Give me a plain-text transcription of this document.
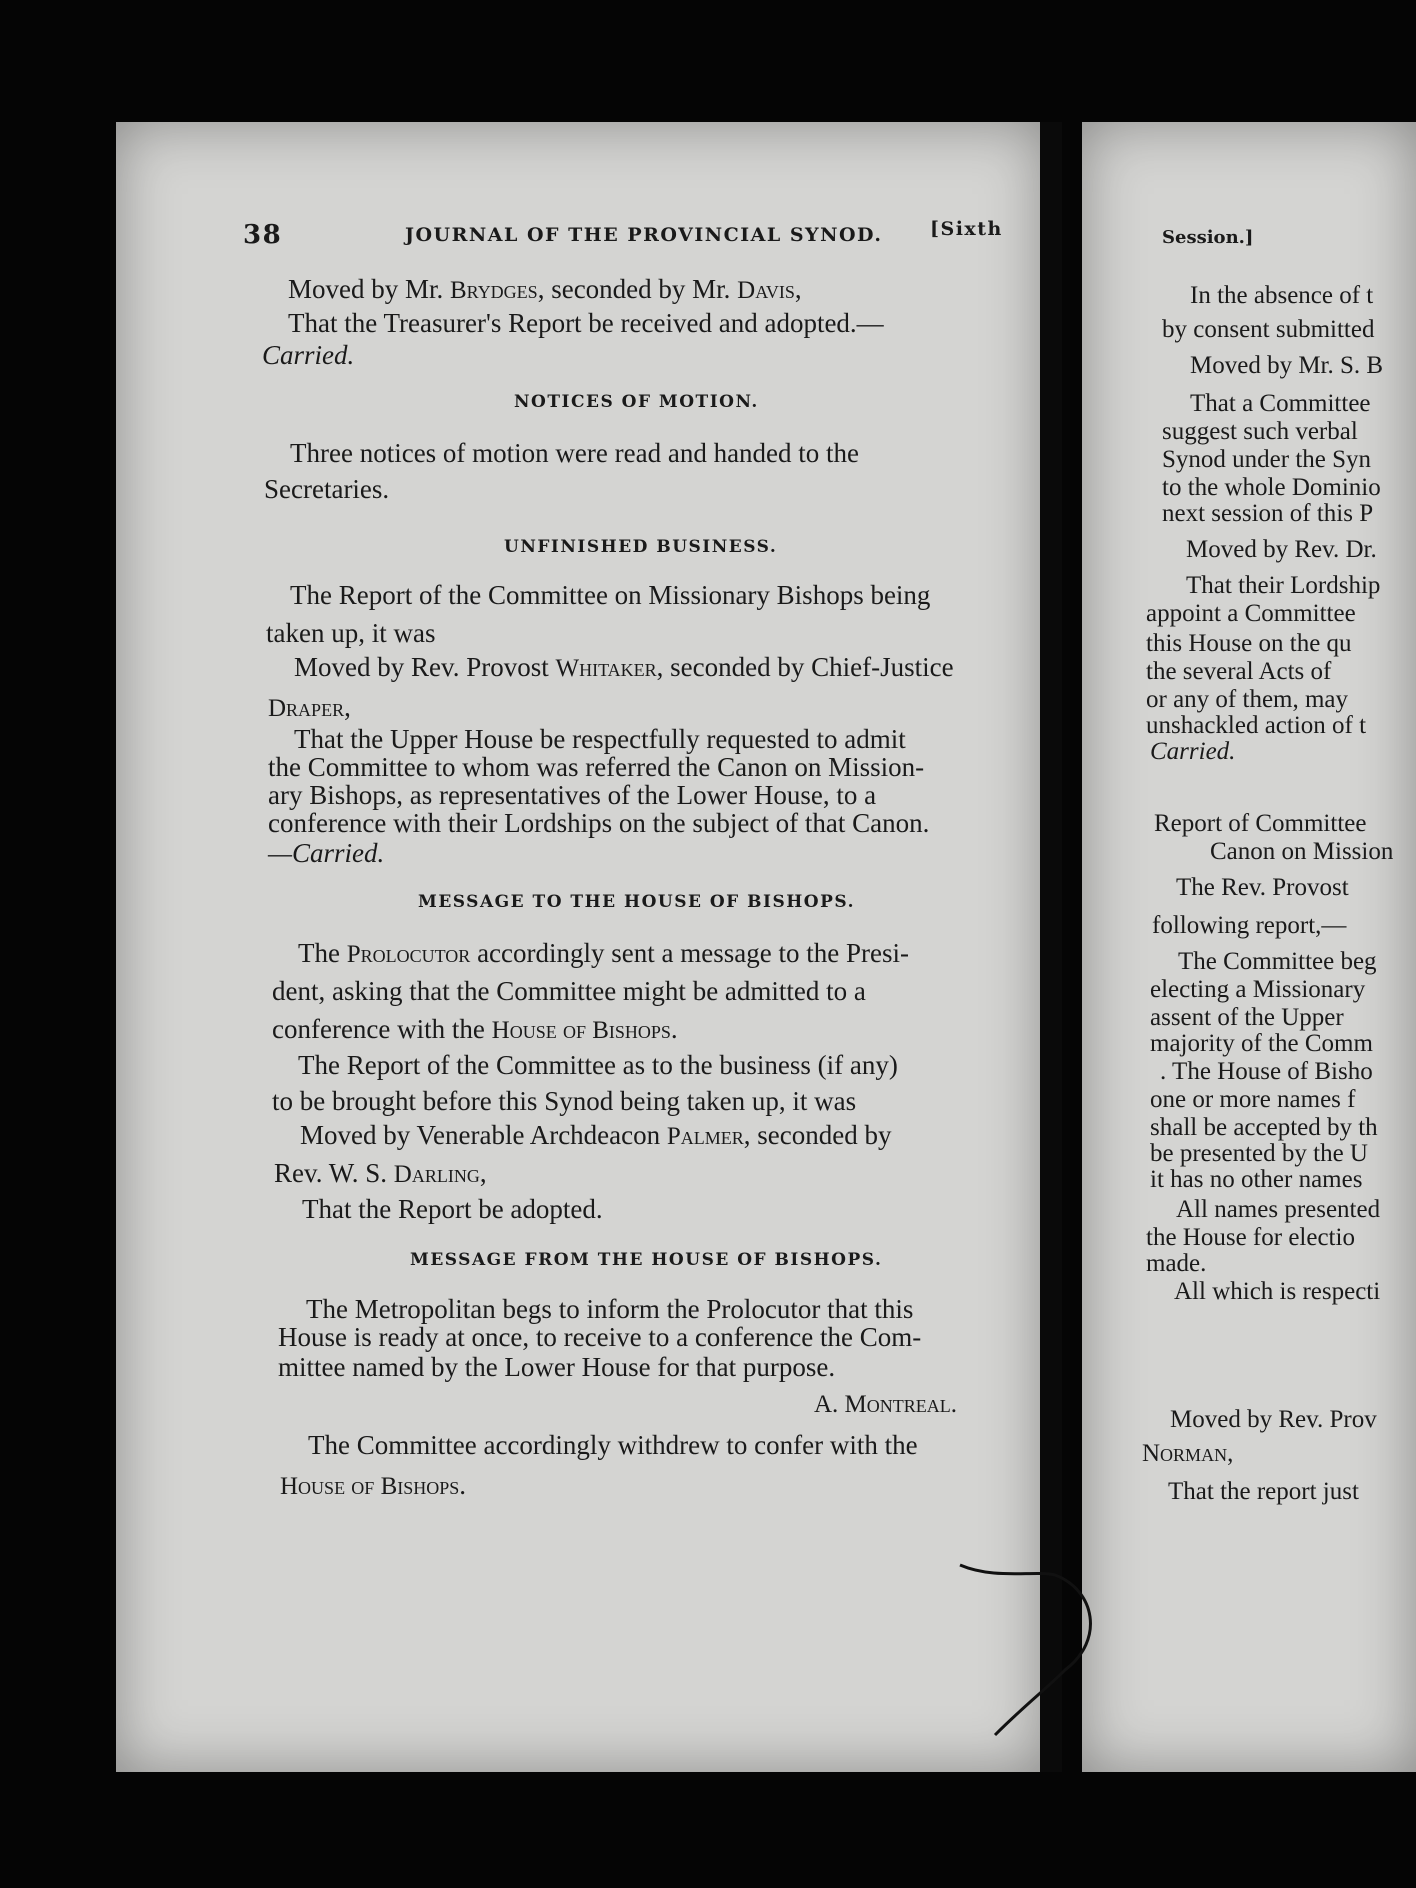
38	JOURNAL OF THE PROVINCIAL SYNOD.	[Sixth
Moved by Mr. Brydges, seconded by Mr. Davis,
That the Treasurer's Report be received and adopted.—
Carried.
NOTICES OF MOTION.
Three notices of motion were read and handed to the
Secretaries.
UNFINISHED BUSINESS.
The Report of the Committee on Missionary Bishops being
taken up, it was
Moved by Rev. Provost Whitaker, seconded by Chief-Justice
Draper,
That the Upper House be respectfully requested to admit
the Committee to whom was referred the Canon on Mission-
ary Bishops, as representatives of the Lower House, to a
conference with their Lordships on the subject of that Canon.
—Carried.
MESSAGE TO THE HOUSE OF BISHOPS.
The Prolocutor accordingly sent a message to the Presi-
dent, asking that the Committee might be admitted to a
conference with the House of Bishops.
The Report of the Committee as to the business (if any)
to be brought before this Synod being taken up, it was
Moved by Venerable Archdeacon Palmer, seconded by
Rev. W. S. Darling,
That the Report be adopted.
MESSAGE FROM THE HOUSE OF BISHOPS.
The Metropolitan begs to inform the Prolocutor that this
House is ready at once, to receive to a conference the Com-
mittee named by the Lower House for that purpose.
A. Montreal.
The Committee accordingly withdrew to confer with the
House of Bishops.
Session.]
In the absence of t
by consent submitted
Moved by Mr. S. B
That a Committee
suggest such verbal
Synod under the Syn
to the whole Dominio
next session of this P
Moved by Rev. Dr.
That their Lordship
appoint a Committee
this House on the qu
the several Acts of
or any of them, may
unshackled action of t
Carried.
Report of Committee
Canon on Mission
The Rev. Provost
following report,—
The Committee beg
electing a Missionary
assent of the Upper
majority of the Comm
. The House of Bisho
one or more names f
shall be accepted by th
be presented by the U
it has no other names
All names presented
the House for electio
made.
All which is respecti
Moved by Rev. Prov
Norman,
That the report just
